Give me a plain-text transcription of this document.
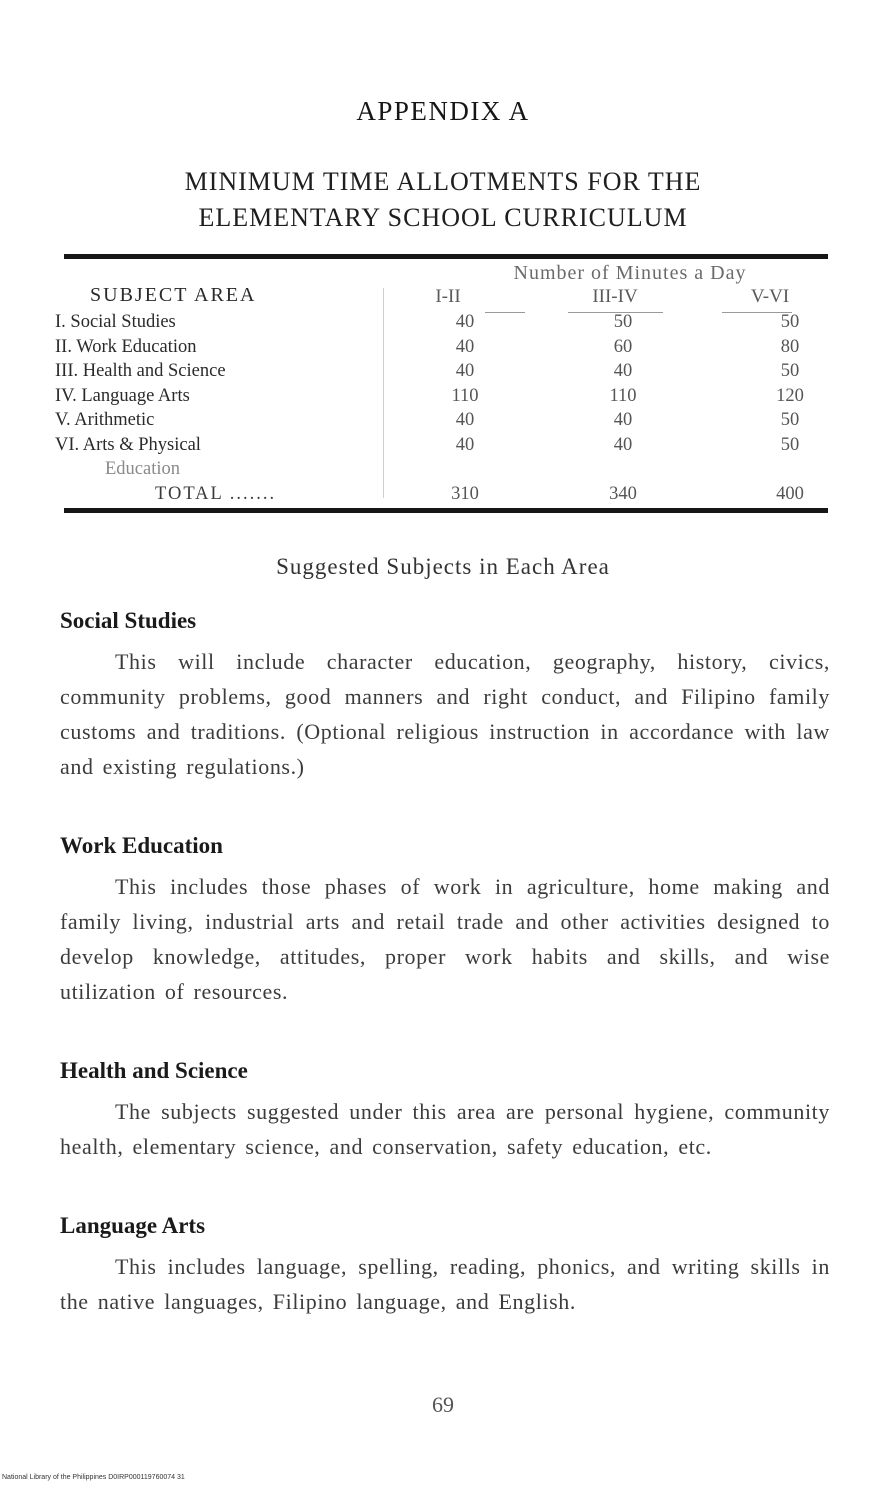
APPENDIX A
MINIMUM TIME ALLOTMENTS FOR THE
ELEMENTARY SCHOOL CURRICULUM
Number of Minutes a Day
SUBJECT AREA	I-II	III-IV	V-VI
I. Social Studies	40	50	50
II. Work Education	40	60	80
III. Health and Science	40	40	50
IV. Language Arts	110	110	120
V. Arithmetic	40	40	50
VI. Arts & Physical	40	40	50
Education
TOTAL .......	310	340	400
Suggested Subjects in Each Area
Social Studies

This will include character education, geography, history, civics, community problems, good manners and right conduct, and Filipino family customs and traditions. (Optional religious instruction in accordance with law and existing regulations.)

Work Education

This includes those phases of work in agriculture, home making and family living, industrial arts and retail trade and other activities designed to develop knowledge, attitudes, proper work habits and skills, and wise utilization of resources.

Health and Science

The subjects suggested under this area are personal hygiene, community health, elementary science, and conservation, safety education, etc.

Language Arts

This includes language, spelling, reading, phonics, and writing skills in the native languages, Filipino language, and English.

69
National Library of the Philippines D0IRP000119760074 31
